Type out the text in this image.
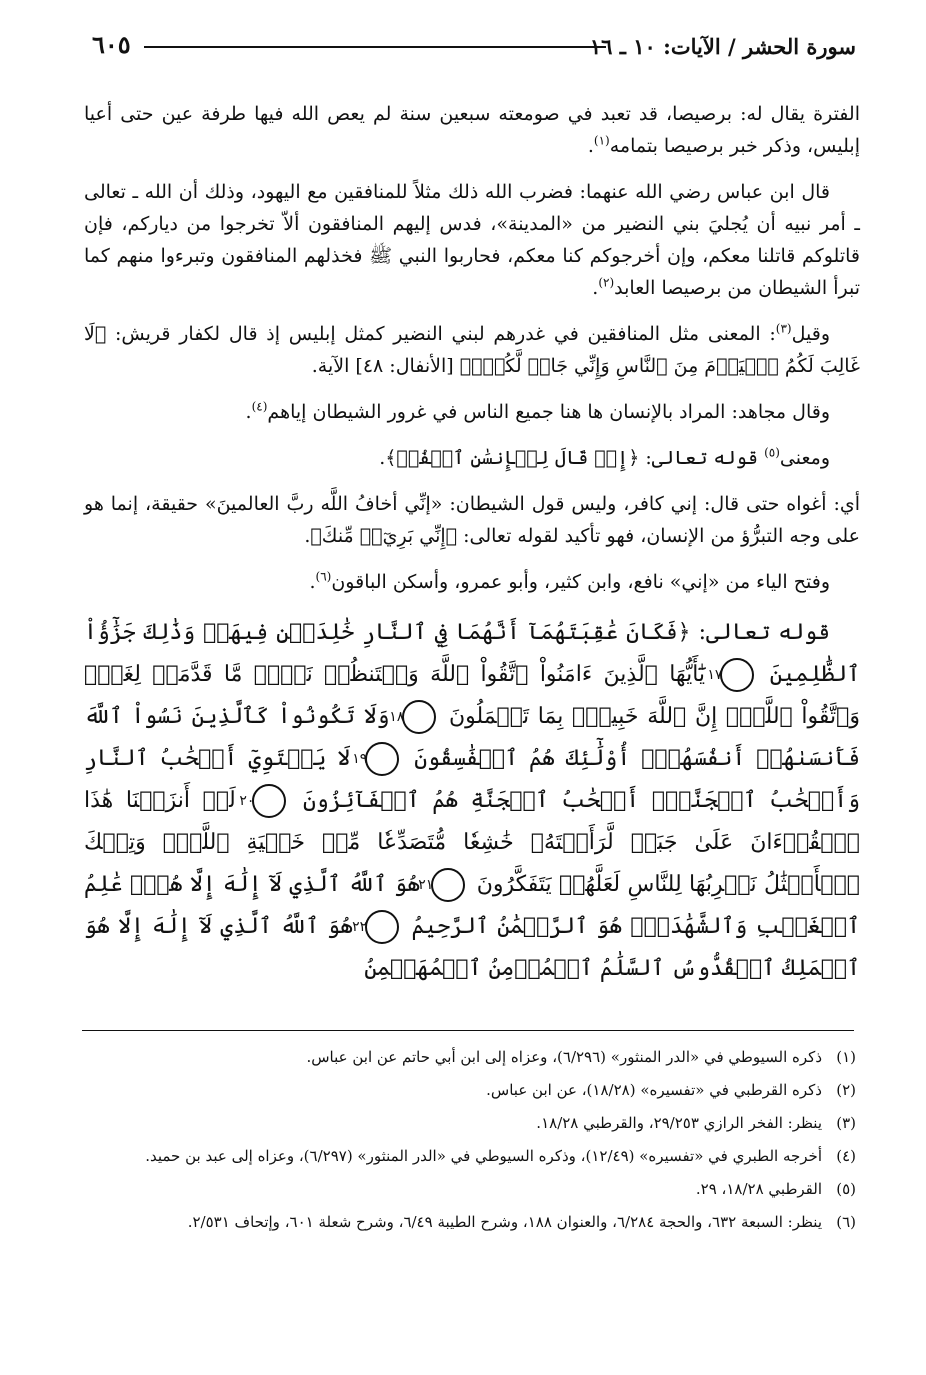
سورة الحشر / الآيات: ١٠ ـ ١٦
٦٠٥

الفترة يقال له: برصيصا، قد تعبد في صومعته سبعين سنة لم يعص الله فيها طرفة عين حتى أعيا إبليس، وذكر خبر برصيصا بتمامه$^{(١)}$.

قال ابن عباس رضي الله عنهما: فضرب الله ذلك مثلاً للمنافقين مع اليهود، وذلك أن الله ـ تعالى ـ أمر نبيه أن يُجليَ بني النضير من «المدينة»، فدس إليهم المنافقون ألاّ تخرجوا من دياركم، فإن قاتلوكم قاتلنا معكم، وإن أخرجوكم كنا معكم، فحاربوا النبي ﷺ فخذلهم المنافقون وتبرءوا منهم كما تبرأ الشيطان من برصيصا العابد$^{(٢)}$.

وقيل$^{(٣)}$: المعنى مثل المنافقين في غدرهم لبني النضير كمثل إبليس إذ قال لكفار قريش: ﴿لَا غَالِبَ لَكُمُ ٱلۡيَوۡمَ مِنَ ٱلنَّاسِ وَإِنِّي جَارٞ لَّكُمۡۖ﴾ [الأنفال: ٤٨] الآية.

وقال مجاهد: المراد بالإنسان ها هنا جميع الناس في غرور الشيطان إياهم$^{(٤)}$.

ومعنى$^{(٥)}$ قوله تعالى: ﴿إِذۡ قَالَ لِلۡإِنسَٰنِ ٱكۡفُرۡ﴾.

أي: أغواه حتى قال: إني كافر، وليس قول الشيطان: «إنِّي أخافُ اللَّه ربَّ العالمينَ» حقيقة، إنما هو على وجه التبرُّؤ من الإنسان، فهو تأكيد لقوله تعالى: ﴿إِنِّي بَرِيٓءٞ مِّنكَ﴾.

وفتح الياء من «إني» نافع، وابن كثير، وأبو عمرو، وأسكن الباقون$^{(٦)}$.

قوله تعالى: ﴿فَكَانَ عَٰقِبَتَهُمَآ أَنَّهُمَا فِي ٱلنَّارِ خَٰلِدَيۡنِ فِيهَاۚ وَذَٰلِكَ جَزَٰٓؤُاْ ٱلظَّٰلِمِينَ ١٧ يَٰٓأَيُّهَا ٱلَّذِينَ ءَامَنُواْ ٱتَّقُواْ ٱللَّهَ وَلۡتَنظُرۡ نَفۡسٞ مَّا قَدَّمَتۡ لِغَدٖۖ وَٱتَّقُواْ ٱللَّهَۚ إِنَّ ٱللَّهَ خَبِيرُۢ بِمَا تَعۡمَلُونَ ١٨ وَلَا تَكُونُواْ كَٱلَّذِينَ نَسُواْ ٱللَّهَ فَأَنسَىٰهُمۡ أَنفُسَهُمۡۚ أُوْلَٰٓئِكَ هُمُ ٱلۡفَٰسِقُونَ ١٩ لَا يَسۡتَوِيٓ أَصۡحَٰبُ ٱلنَّارِ وَأَصۡحَٰبُ ٱلۡجَنَّةِۚ أَصۡحَٰبُ ٱلۡجَنَّةِ هُمُ ٱلۡفَآئِزُونَ ٢٠ لَوۡ أَنزَلۡنَا هَٰذَا ٱلۡقُرۡءَانَ عَلَىٰ جَبَلٖ لَّرَأَيۡتَهُۥ خَٰشِعٗا مُّتَصَدِّعٗا مِّنۡ خَشۡيَةِ ٱللَّهِۚ وَتِلۡكَ ٱلۡأَمۡثَٰلُ نَضۡرِبُهَا لِلنَّاسِ لَعَلَّهُمۡ يَتَفَكَّرُونَ ٢١ هُوَ ٱللَّهُ ٱلَّذِي لَآ إِلَٰهَ إِلَّا هُوَۖ عَٰلِمُ ٱلۡغَيۡبِ وَٱلشَّهَٰدَةِۖ هُوَ ٱلرَّحۡمَٰنُ ٱلرَّحِيمُ ٢٢ هُوَ ٱللَّهُ ٱلَّذِي لَآ إِلَٰهَ إِلَّا هُوَ ٱلۡمَلِكُ ٱلۡقُدُّوسُ ٱلسَّلَٰمُ ٱلۡمُؤۡمِنُ ٱلۡمُهَيۡمِنُ

(١)
ذكره السيوطي في «الدر المنثور» (٦/٢٩٦)، وعزاه إلى ابن أبي حاتم عن ابن عباس.
(٢)
ذكره القرطبي في «تفسيره» (١٨/٢٨)، عن ابن عباس.
(٣)
ينظر: الفخر الرازي ٢٩/٢٥٣، والقرطبي ١٨/٢٨.
(٤)
أخرجه الطبري في «تفسيره» (١٢/٤٩)، وذكره السيوطي في «الدر المنثور» (٦/٢٩٧)، وعزاه إلى عبد بن حميد.
(٥)
القرطبي ١٨/٢٨، ٢٩.
(٦)
ينظر: السبعة ٦٣٢، والحجة ٦/٢٨٤، والعنوان ١٨٨، وشرح الطيبة ٦/٤٩، وشرح شعلة ٦٠١، وإتحاف ٢/٥٣١.
